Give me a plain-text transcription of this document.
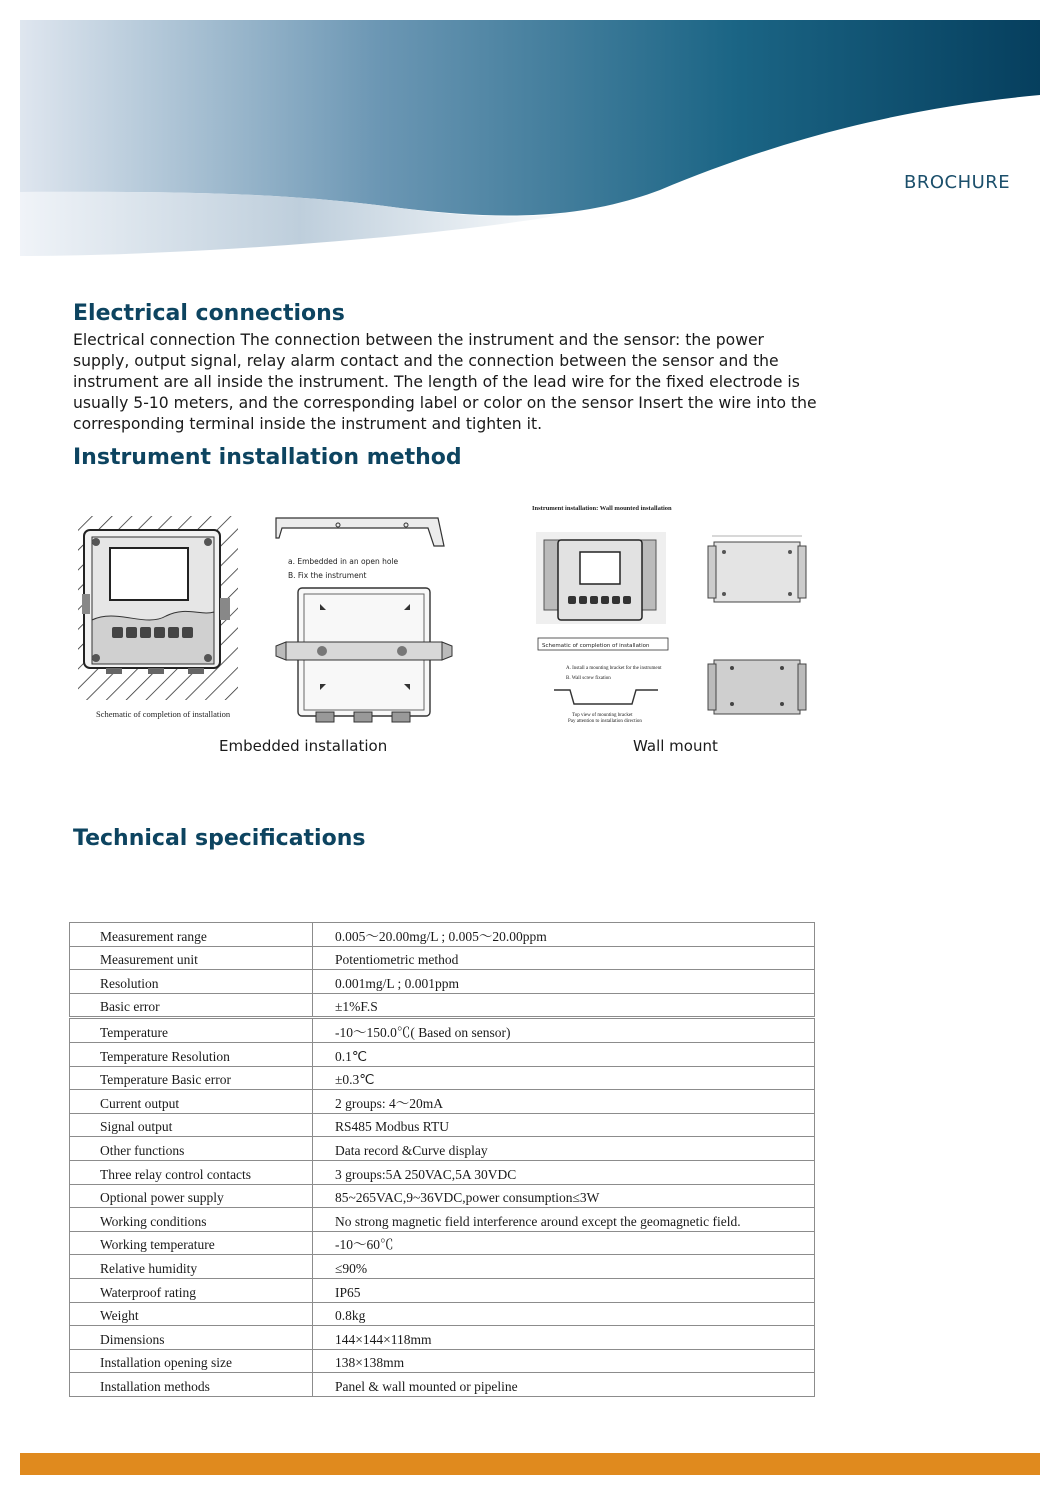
BROCHURE
Electrical connections

Electrical connection The connection between the instrument and the sensor: the power supply, output signal, relay alarm contact and the connection between the sensor and the instrument are all inside the instrument. The length of the lead wire for the fixed electrode is usually 5-10 meters, and the corresponding label or color on the sensor Insert the wire into the corresponding terminal inside the instrument and tighten it.

Instrument installation method
Schematic of completion of installation
a. Embedded in an open hole
B. Fix the instrument
Embedded installation
Instrument installation: Wall mounted installation
Schematic of completion of installation
A. Install a mounting bracket for the instrument
B. Wall screw fixation
Top view of mounting bracket
Pay attention to installation direction
Wall mount
Technical specifications
Measurement range	0.005～20.00mg/L ; 0.005～20.00ppm
Measurement unit	Potentiometric method
Resolution	0.001mg/L ; 0.001ppm
Basic error	±1%F.S
Temperature	-10～150.0℃( Based on sensor)
Temperature Resolution	0.1℃
Temperature Basic error	±0.3℃
Current output	2 groups: 4～20mA
Signal output	RS485 Modbus RTU
Other functions	Data record &Curve display
Three relay control contacts	3 groups:5A 250VAC,5A 30VDC
Optional power supply	85~265VAC,9~36VDC,power consumption≤3W
Working conditions	No strong magnetic field interference around except the geomagnetic field.
Working temperature	-10～60℃
Relative humidity	≤90%
Waterproof rating	IP65
Weight	0.8kg
Dimensions	144×144×118mm
Installation opening size	138×138mm
Installation methods	Panel & wall mounted or pipeline
